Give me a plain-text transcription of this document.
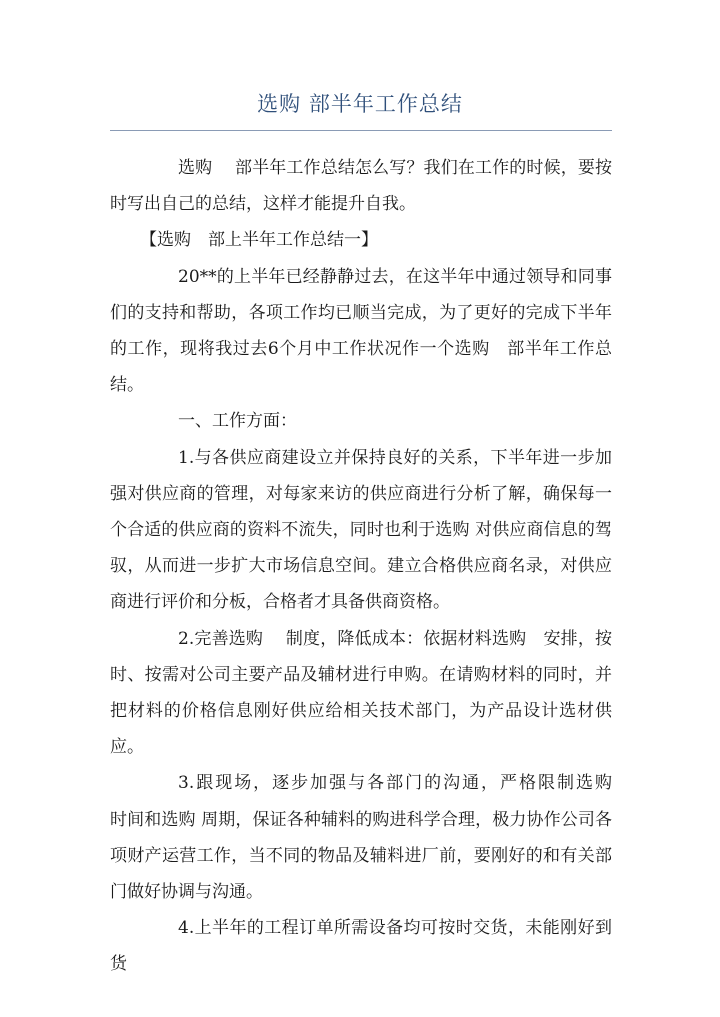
选购 部半年工作总结

选购　 部半年工作总结怎么写？我们在工作的时候，要按时写出自己的总结，这样才能提升自我。

【选购　部上半年工作总结一】

20**的上半年已经静静过去，在这半年中通过领导和同事们的支持和帮助，各项工作均已顺当完成，为了更好的完成下半年的工作，现将我过去6个月中工作状况作一个选购　部半年工作总结。

一、工作方面：

1.与各供应商建设立并保持良好的关系，下半年进一步加强对供应商的管理，对每家来访的供应商进行分析了解，确保每一个合适的供应商的资料不流失，同时也利于选购 对供应商信息的驾驭，从而进一步扩大市场信息空间。建立合格供应商名录，对供应商进行评价和分板，合格者才具备供商资格。

2.完善选购　 制度，降低成本：依据材料选购　安排，按时、按需对公司主要产品及辅材进行申购。在请购材料的同时，并把材料的价格信息刚好供应给相关技术部门，为产品设计选材供应。

3.跟现场，逐步加强与各部门的沟通，严格限制选购　　时间和选购 周期，保证各种辅料的购进科学合理，极力协作公司各项财产运营工作，当不同的物品及辅料进厂前，要刚好的和有关部门做好协调与沟通。

4.上半年的工程订单所需设备均可按时交货，未能刚好到货
